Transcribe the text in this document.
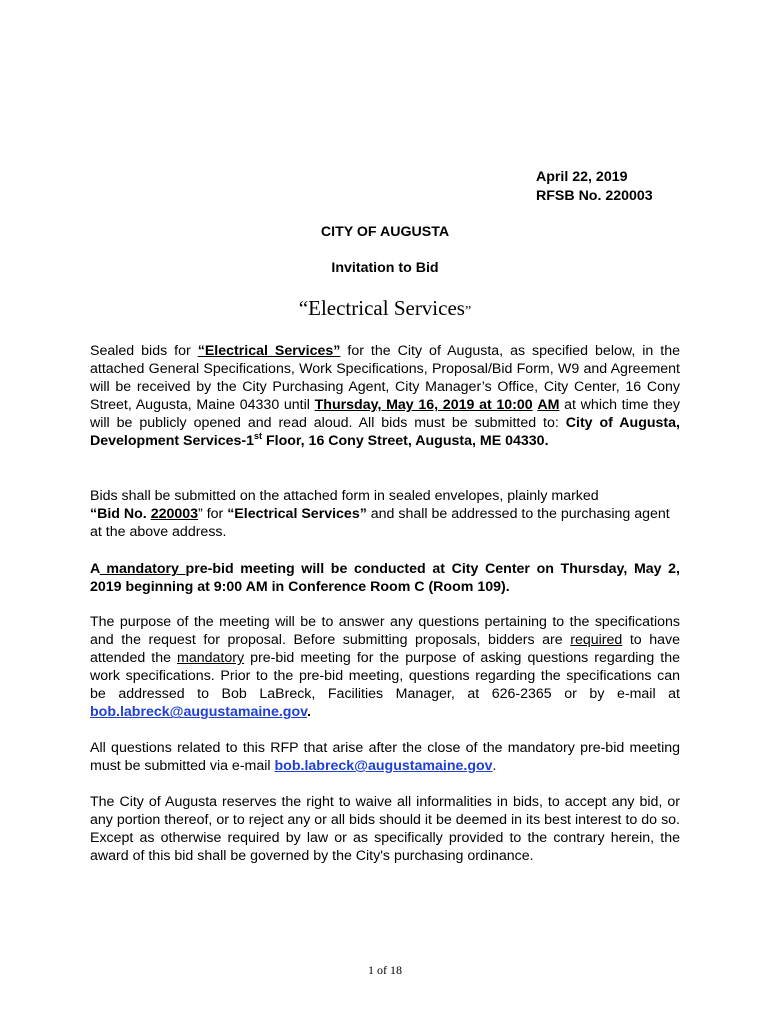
April 22, 2019
RFSB No. 220003
CITY OF AUGUSTA
Invitation to Bid
“Electrical Services”
Sealed bids for “Electrical Services” for the City of Augusta, as specified below, in the attached General Specifications, Work Specifications, Proposal/Bid Form, W9 and Agreement will be received by the City Purchasing Agent, City Manager’s Office, City Center, 16 Cony Street, Augusta, Maine 04330 until Thursday, May 16, 2019 at 10:00 AM at which time they will be publicly opened and read aloud. All bids must be submitted to: City of Augusta, Development Services-1st Floor, 16 Cony Street, Augusta, ME 04330.
Bids shall be submitted on the attached form in sealed envelopes, plainly marked
“Bid No. 220003” for “Electrical Services” and shall be addressed to the purchasing agent at the above address.
A mandatory pre-bid meeting will be conducted at City Center on Thursday, May 2, 2019 beginning at 9:00 AM in Conference Room C (Room 109).
The purpose of the meeting will be to answer any questions pertaining to the specifications and the request for proposal. Before submitting proposals, bidders are required to have attended the mandatory pre-bid meeting for the purpose of asking questions regarding the work specifications. Prior to the pre-bid meeting, questions regarding the specifications can be addressed to Bob LaBreck, Facilities Manager, at 626-2365 or by e-mail at bob.labreck@augustamaine.gov.
All questions related to this RFP that arise after the close of the mandatory pre-bid meeting must be submitted via e-mail bob.labreck@augustamaine.gov.
The City of Augusta reserves the right to waive all informalities in bids, to accept any bid, or any portion thereof, or to reject any or all bids should it be deemed in its best interest to do so. Except as otherwise required by law or as specifically provided to the contrary herein, the award of this bid shall be governed by the City's purchasing ordinance.
1 of 18
